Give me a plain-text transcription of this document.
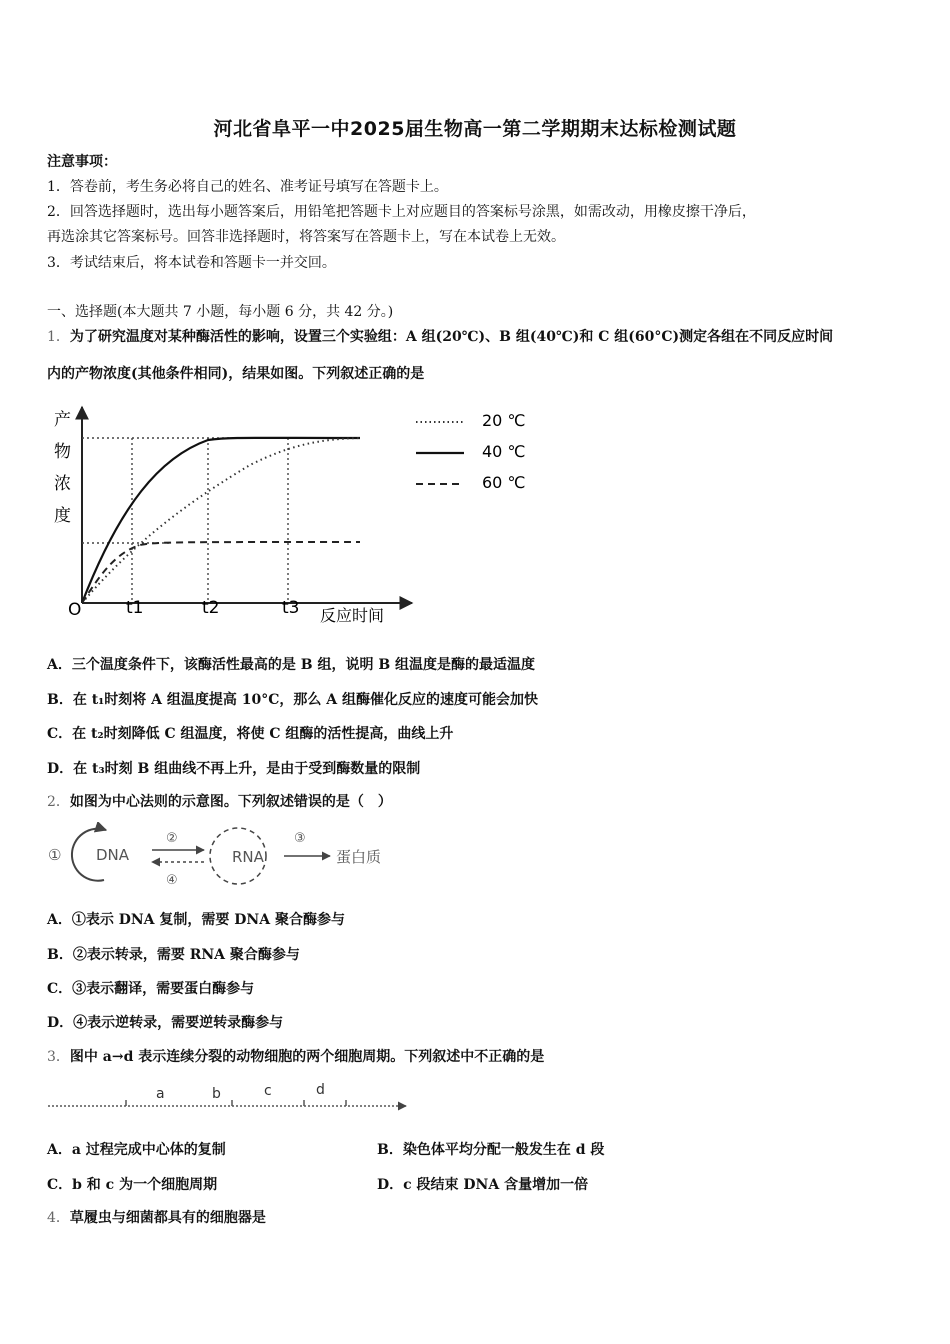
河北省阜平一中2025届生物高一第二学期期末达标检测试题
注意事项：
1．答卷前，考生务必将自己的姓名、准考证号填写在答题卡上。
2．回答选择题时，选出每小题答案后，用铅笔把答题卡上对应题目的答案标号涂黑，如需改动，用橡皮擦干净后，
再选涂其它答案标号。回答非选择题时，将答案写在答题卡上，写在本试卷上无效。
3．考试结束后，将本试卷和答题卡一并交回。
一、选择题(本大题共 7 小题，每小题 6 分，共 42 分。)
1．为了研究温度对某种酶活性的影响，设置三个实验组：A 组(20℃)、B 组(40℃)和 C 组(60°C)测定各组在不同反应时间
内的产物浓度(其他条件相同)，结果如图。下列叙述正确的是
产
物
浓
度
O	t1	t2	t3 反应时间
20 ℃
40 ℃
60 ℃
A．三个温度条件下，该酶活性最高的是 B 组，说明 B 组温度是酶的最适温度
B．在 t₁时刻将 A 组温度提高 10°C，那么 A 组酶催化反应的速度可能会加快
C．在 t₂时刻降低 C 组温度，将使 C 组酶的活性提高，曲线上升
D．在 t₃时刻 B 组曲线不再上升，是由于受到酶数量的限制
2．如图为中心法则的示意图。下列叙述错误的是（　）
① DNA
②
④
RNA
③
蛋白质
A．①表示 DNA 复制，需要 DNA 聚合酶参与
B．②表示转录，需要 RNA 聚合酶参与
C．③表示翻译，需要蛋白酶参与
D．④表示逆转录，需要逆转录酶参与
3．图中 a→d 表示连续分裂的动物细胞的两个细胞周期。下列叙述中不正确的是
a	b	c	d
A．a 过程完成中心体的复制	B．染色体平均分配一般发生在 d 段
C．b 和 c 为一个细胞周期	D．c 段结束 DNA 含量增加一倍
4．草履虫与细菌都具有的细胞器是
